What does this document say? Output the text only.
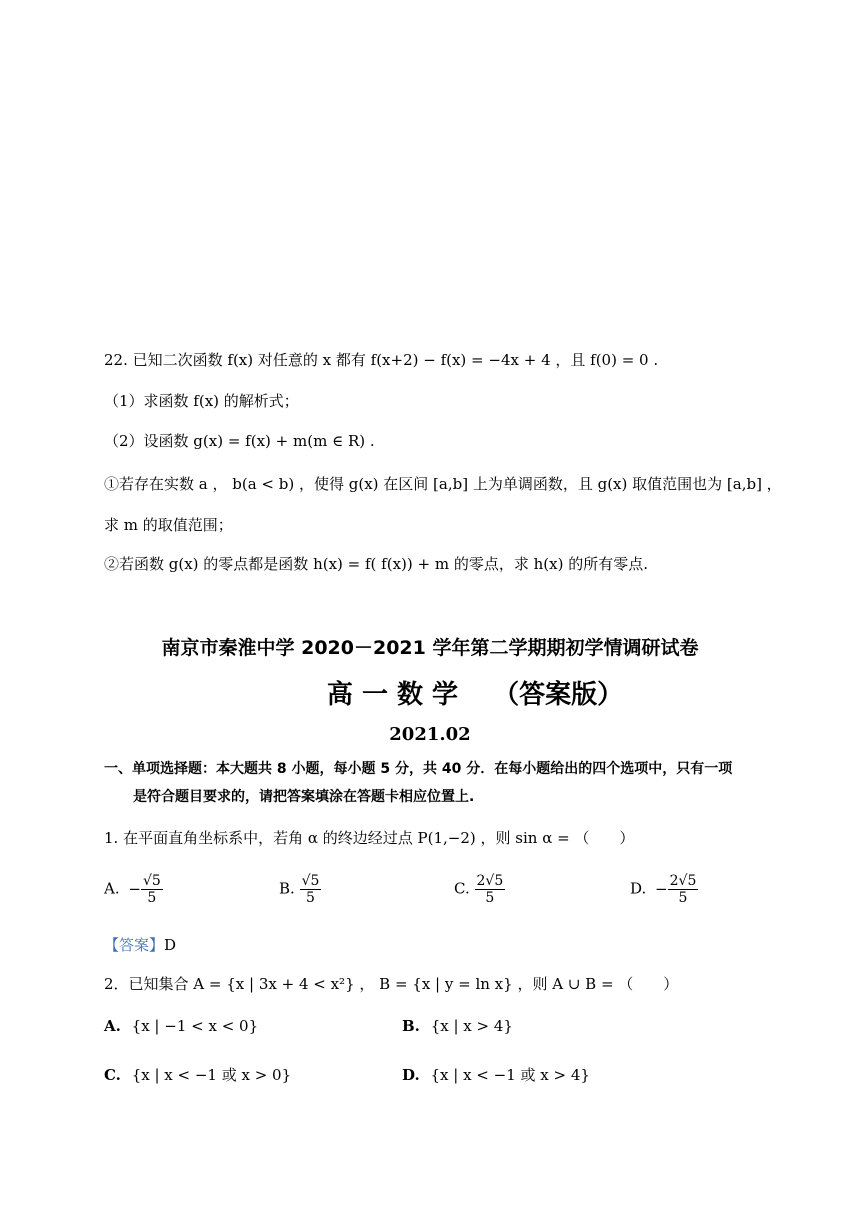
22. 已知二次函数 f(x) 对任意的 x 都有 f(x+2) − f(x) = −4x + 4 ，且 f(0) = 0 .
（1）求函数 f(x) 的解析式；
（2）设函数 g(x) = f(x) + m(m ∈ R) .
①若存在实数 a ， b(a < b) ，使得 g(x) 在区间 [a,b] 上为单调函数，且 g(x) 取值范围也为 [a,b] ，
求 m 的取值范围；
②若函数 g(x) 的零点都是函数 h(x) = f( f(x)) + m 的零点，求 h(x) 的所有零点.
南京市秦淮中学 2020－2021 学年第二学期期初学情调研试卷
高 一 数 学　 （答案版）
2021.02
一、单项选择题：本大题共 8 小题，每小题 5 分，共 40 分．在每小题给出的四个选项中，只有一项
是符合题目要求的，请把答案填涂在答题卡相应位置上.
1. 在平面直角坐标系中，若角 α 的终边经过点 P(1,−2) ，则 sin α = （　　）
A. − $\frac{√5}{5}$	B. $\frac{√5}{5}$	C. $\frac{2√5}{5}$	D. − $\frac{2√5}{5}$
【答案】D
2．已知集合 A = {x | 3x + 4 < x²} ， B = {x | y = ln x} ，则 A ∪ B = （　　）
A. {x | −1 < x < 0}	B. {x | x > 4}
C. {x | x < −1 或 x > 0}	D. {x | x < −1 或 x > 4}
